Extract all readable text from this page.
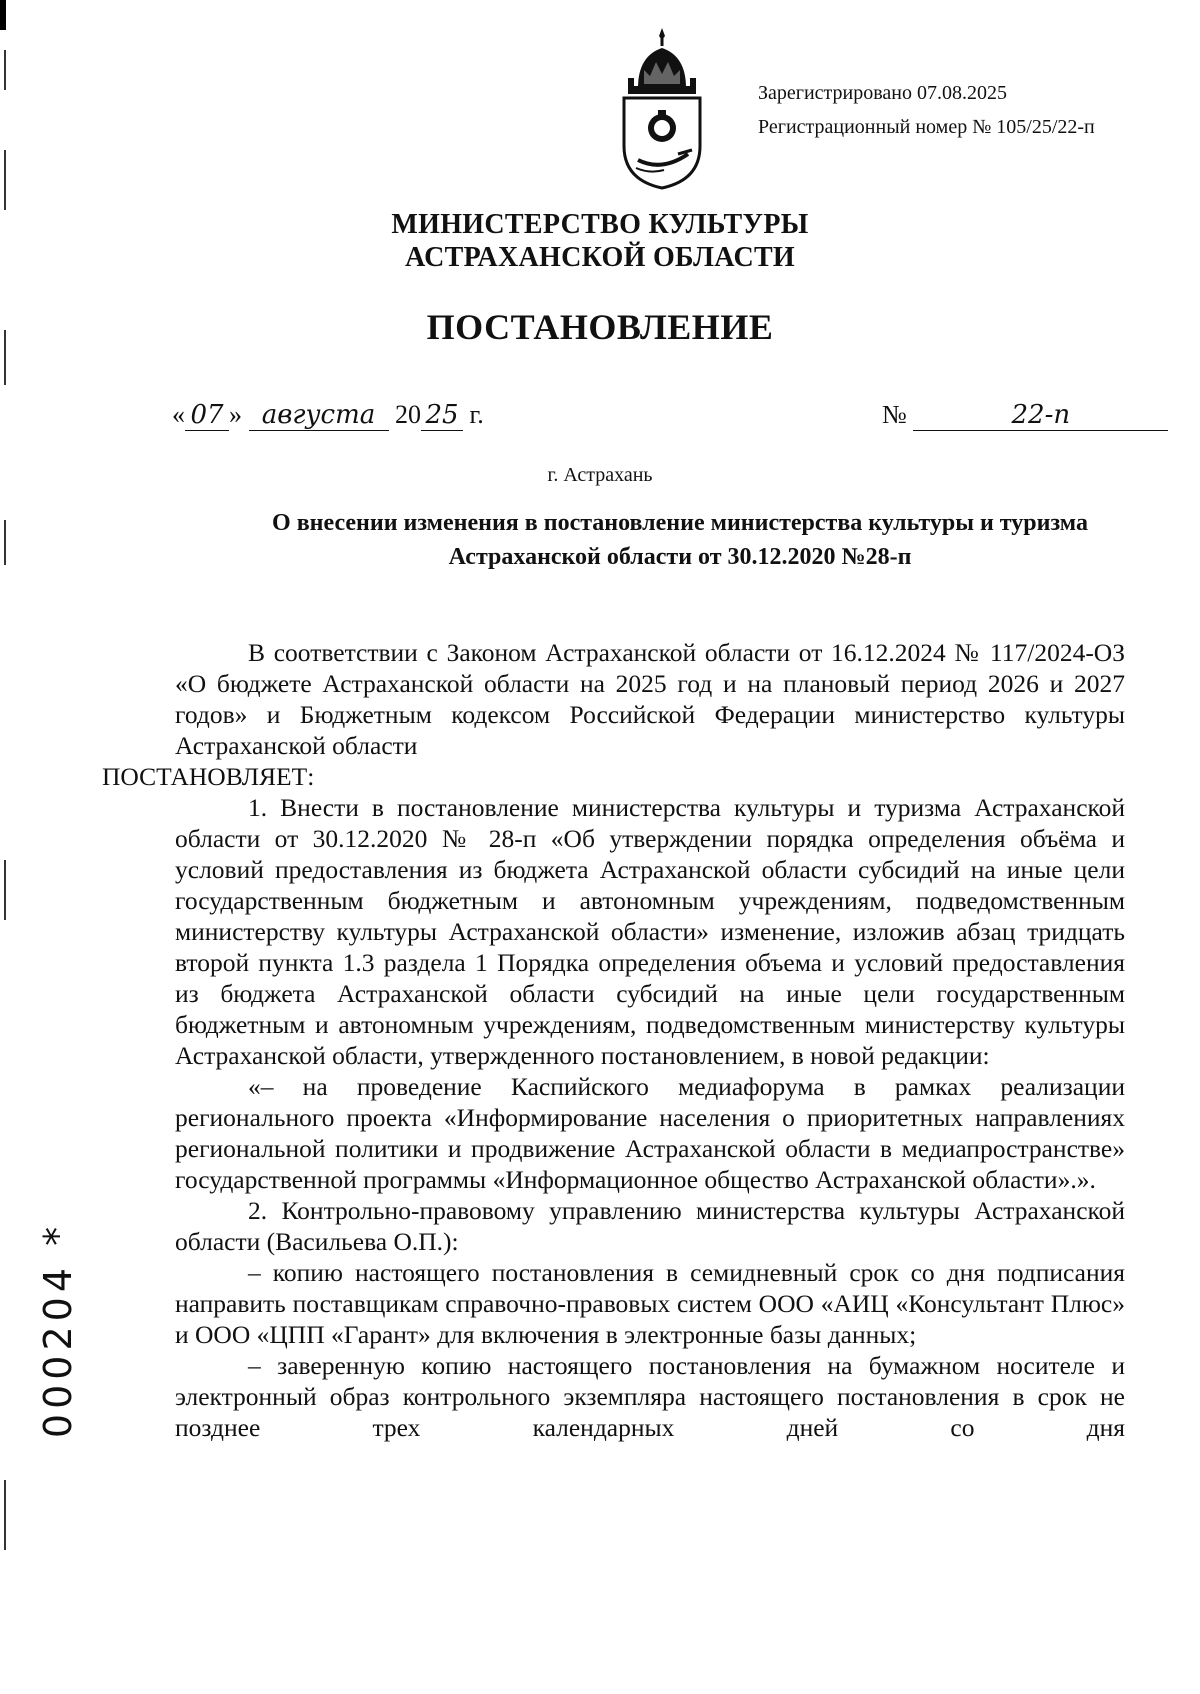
Зарегистрировано 07.08.2025
Регистрационный номер № 105/25/22-п
МИНИСТЕРСТВО КУЛЬТУРЫ
АСТРАХАНСКОЙ ОБЛАСТИ
ПОСТАНОВЛЕНИЕ
« 07 » августа 20 25 г.	№	22-п
г. Астрахань
О внесении изменения в постановление министерства культуры и туризма Астраханской области от 30.12.2020 №28-п

В соответствии с Законом Астраханской области от 16.12.2024 № 117/2024-ОЗ «О бюджете Астраханской области на 2025 год и на плановый период 2026 и 2027 годов» и Бюджетным кодексом Российской Федерации министерство культуры Астраханской области
ПОСТАНОВЛЯЕТ:

1. Внести в постановление министерства культуры и туризма Астраханской области от 30.12.2020 № 28-п «Об утверждении порядка определения объёма и условий предоставления из бюджета Астраханской области субсидий на иные цели государственным бюджетным и автономным учреждениям, подведомственным министерству культуры Астраханской области» изменение, изложив абзац тридцать второй пункта 1.3 раздела 1 Порядка определения объема и условий предоставления из бюджета Астраханской области субсидий на иные цели государственным бюджетным и автономным учреждениям, подведомственным министерству культуры Астраханской области, утвержденного постановлением, в новой редакции:

«– на проведение Каспийского медиафорума в рамках реализации регионального проекта «Информирование населения о приоритетных направлениях региональной политики и продвижение Астраханской области в медиапространстве» государственной программы «Информационное общество Астраханской области».».

2. Контрольно-правовому управлению министерства культуры Астраханской области (Васильева О.П.):

– копию настоящего постановления в семидневный срок со дня подписания направить поставщикам справочно-правовых систем ООО «АИЦ «Консультант Плюс» и ООО «ЦПП «Гарант» для включения в электронные базы данных;

– заверенную копию настоящего постановления на бумажном носителе и электронный образ контрольного экземпляра настоящего постановления в срок не позднее трех календарных дней со дня

000204 *
